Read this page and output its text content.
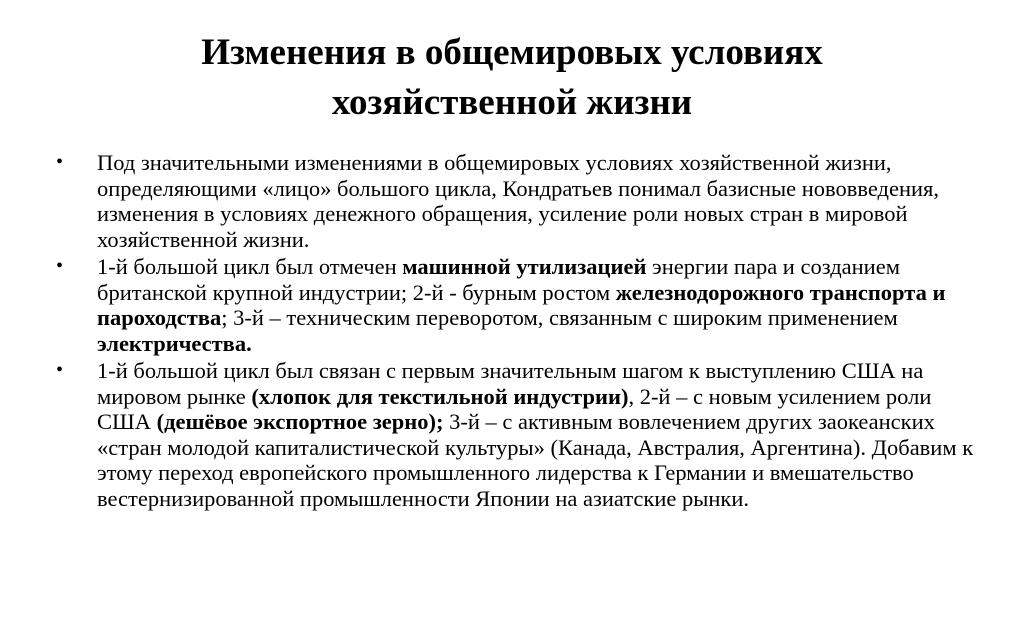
Изменения в общемировых условиях
хозяйственной жизни
• Под значительными изменениями в общемировых условиях хозяйственной жизни, определяющими «лицо» большого цикла, Кондратьев понимал базисные нововведения, изменения в условиях денежного обращения, усиление роли новых стран в мировой хозяйственной жизни.
• 1-й большой цикл был отмечен машинной утилизацией энергии пара и созданием британской крупной индустрии; 2-й - бурным ростом железнодорожного транспорта и пароходства; 3-й – техническим переворотом, связанным с широким применением электричества.
• 1-й большой цикл был связан с первым значительным шагом к выступлению США на мировом рынке (хлопок для текстильной индустрии), 2-й – с новым усилением роли США (дешёвое экспортное зерно); 3-й – с активным вовлечением других заокеанских «стран молодой капиталистической культуры» (Канада, Австралия, Аргентина). Добавим к этому переход европейского промышленного лидерства к Германии и вмешательство вестернизированной промышленности Японии на азиатские рынки.
